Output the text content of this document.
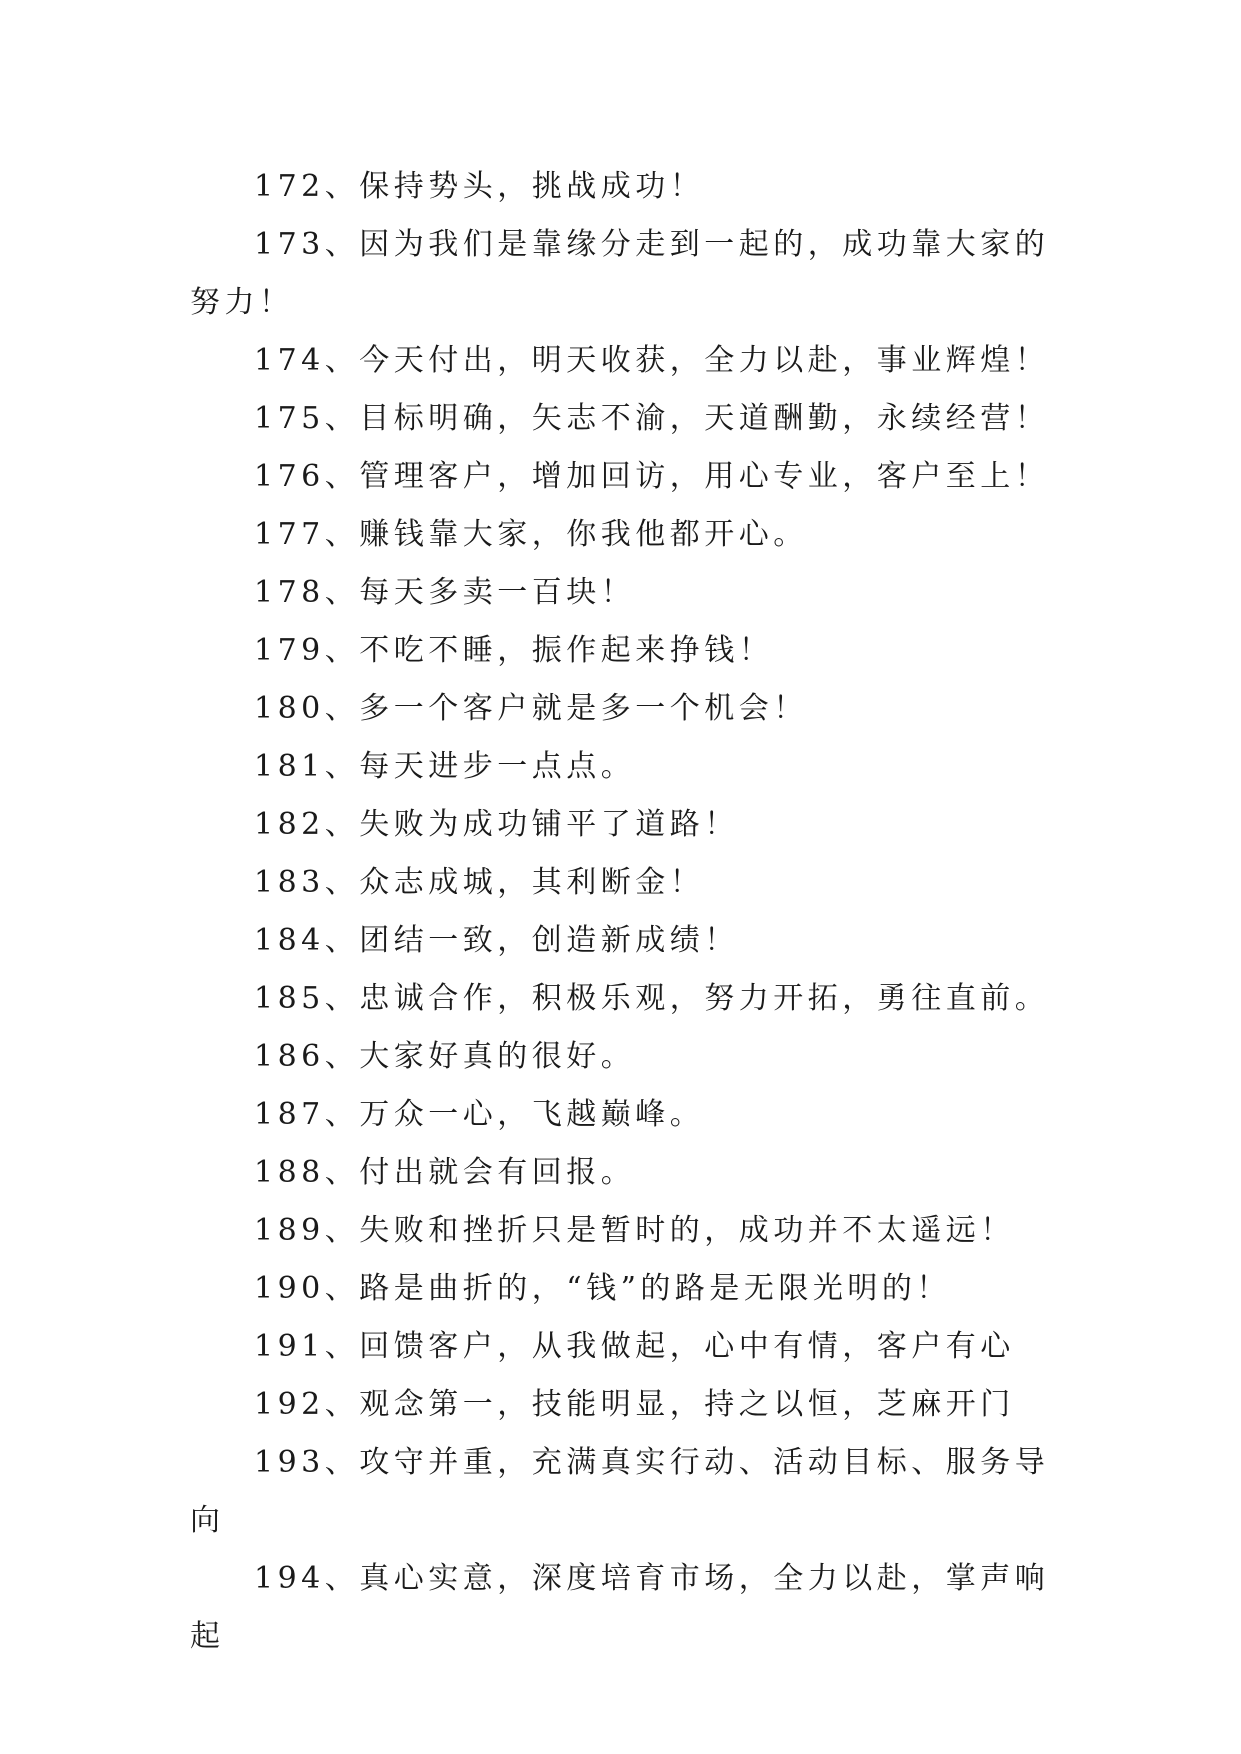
172、保持势头，挑战成功！

173、因为我们是靠缘分走到一起的，成功靠大家的努力！

174、今天付出，明天收获，全力以赴，事业辉煌！

175、目标明确，矢志不渝，天道酬勤，永续经营！

176、管理客户，增加回访，用心专业，客户至上！

177、赚钱靠大家，你我他都开心。

178、每天多卖一百块！

179、不吃不睡，振作起来挣钱！

180、多一个客户就是多一个机会！

181、每天进步一点点。

182、失败为成功铺平了道路！

183、众志成城，其利断金！

184、团结一致，创造新成绩！

185、忠诚合作，积极乐观，努力开拓，勇往直前。

186、大家好真的很好。

187、万众一心，飞越巅峰。

188、付出就会有回报。

189、失败和挫折只是暂时的，成功并不太遥远！

190、路是曲折的，“钱”的路是无限光明的！

191、回馈客户，从我做起，心中有情，客户有心

192、观念第一，技能明显，持之以恒，芝麻开门

193、攻守并重，充满真实行动、活动目标、服务导向

194、真心实意，深度培育市场，全力以赴，掌声响起
